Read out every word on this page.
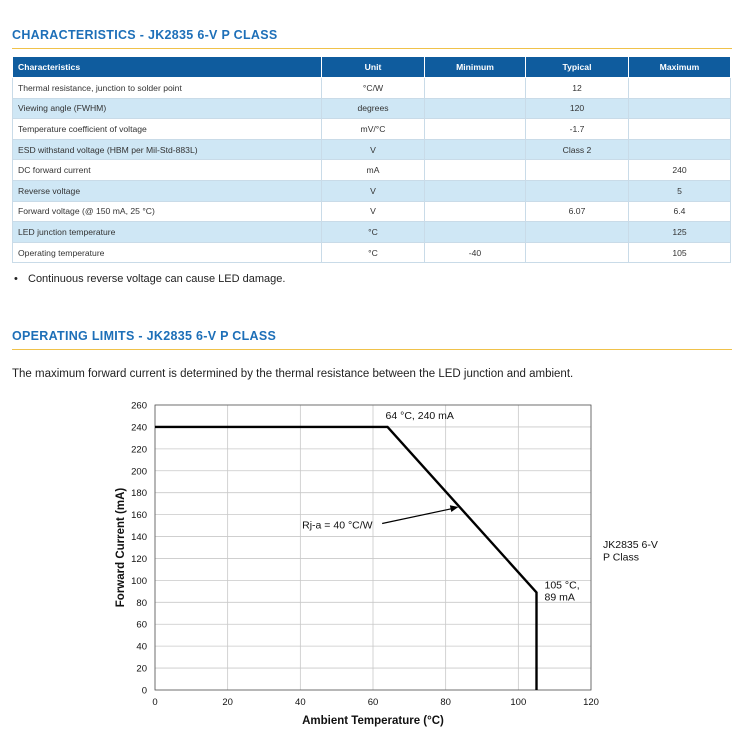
CHARACTERISTICS - JK2835 6-V P CLASS
Characteristics	Unit	Minimum	Typical	Maximum
Thermal resistance, junction to solder point	°C/W		12	
Viewing angle (FWHM)	degrees		120	
Temperature coefficient of voltage	mV/°C		-1.7	
ESD withstand voltage (HBM per Mil-Std-883L)	V		Class 2	
DC forward current	mA			240
Reverse voltage	V			5
Forward voltage (@ 150 mA, 25 °C)	V		6.07	6.4
LED junction temperature	°C			125
Operating temperature	°C	-40		105
• Continuous reverse voltage can cause LED damage.
OPERATING LIMITS - JK2835 6-V P CLASS
The maximum forward current is determined by the thermal resistance between the LED junction and ambient.
0
20
40
60
80
100
120
140
160
180
200
220
240
260
0	20	40	60	80	100	120
64 °C, 240 mA
Rj-a = 40 °C/W
105 °C,
89 mA
Ambient Temperature (°C)
Forward Current (mA)	JK2835 6-V
P Class
